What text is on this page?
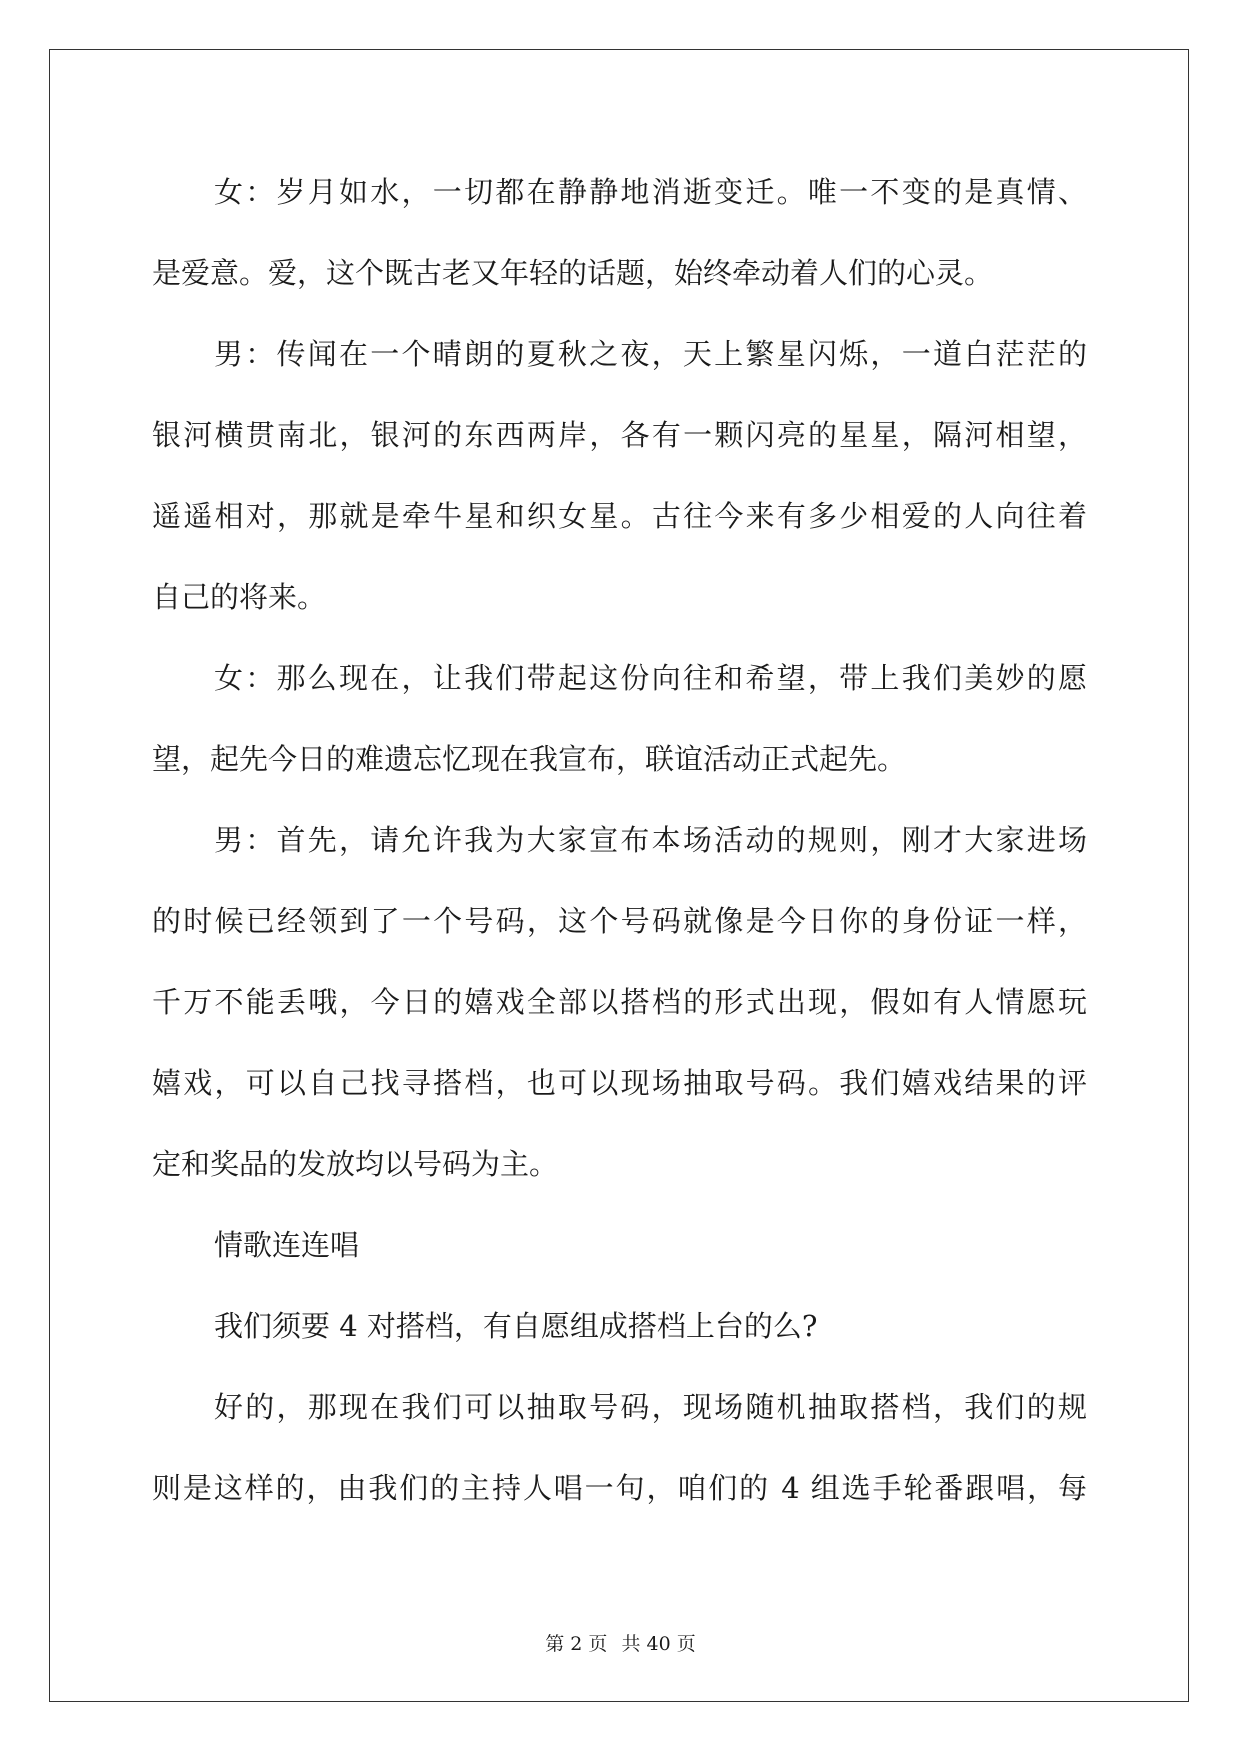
女：岁月如水，一切都在静静地消逝变迁。唯一不变的是真情、
是爱意。爱，这个既古老又年轻的话题，始终牵动着人们的心灵。
男：传闻在一个晴朗的夏秋之夜，天上繁星闪烁，一道白茫茫的
银河横贯南北，银河的东西两岸，各有一颗闪亮的星星，隔河相望，
遥遥相对，那就是牵牛星和织女星。古往今来有多少相爱的人向往着
自己的将来。
女：那么现在，让我们带起这份向往和希望，带上我们美妙的愿
望，起先今日的难遗忘忆现在我宣布，联谊活动正式起先。
男：首先，请允许我为大家宣布本场活动的规则，刚才大家进场
的时候已经领到了一个号码，这个号码就像是今日你的身份证一样，
千万不能丢哦，今日的嬉戏全部以搭档的形式出现，假如有人情愿玩
嬉戏，可以自己找寻搭档，也可以现场抽取号码。我们嬉戏结果的评
定和奖品的发放均以号码为主。
情歌连连唱
我们须要 4 对搭档，有自愿组成搭档上台的么?
好的，那现在我们可以抽取号码，现场随机抽取搭档，我们的规
则是这样的，由我们的主持人唱一句，咱们的 4 组选手轮番跟唱，每
第 2 页 共 40 页
